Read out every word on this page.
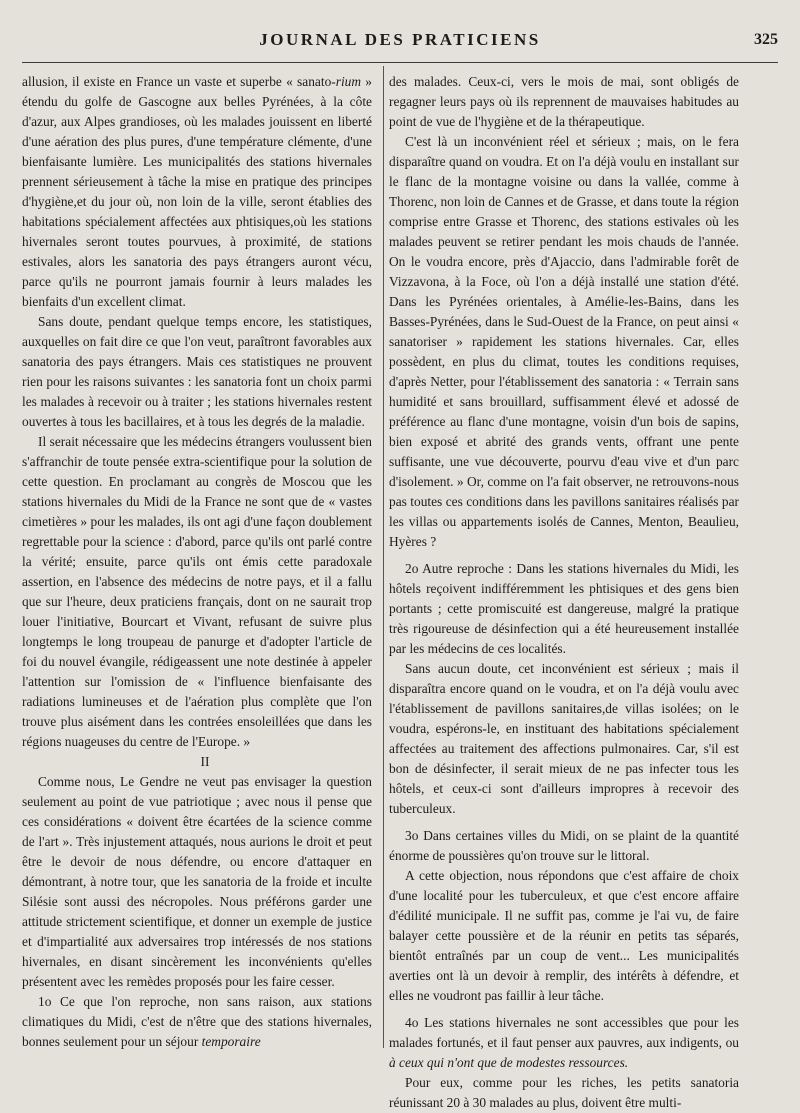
JOURNAL DES PRATICIENS	325

allusion, il existe en France un vaste et superbe « sanato-rium » étendu du golfe de Gascogne aux belles Pyrénées, à la côte d'azur, aux Alpes grandioses, où les malades jouissent en liberté d'une aération des plus pures, d'une température clémente, d'une bienfaisante lumière. Les municipalités des stations hivernales prennent sérieusement à tâche la mise en pratique des principes d'hygiène,et du jour où, non loin de la ville, seront établies des habitations spécialement affectées aux phtisiques,où les stations hivernales seront toutes pourvues, à proximité, de stations estivales, alors les sanatoria des pays étrangers auront vécu, parce qu'ils ne pourront jamais fournir à leurs malades les bienfaits d'un excellent climat.

Sans doute, pendant quelque temps encore, les statistiques, auxquelles on fait dire ce que l'on veut, paraîtront favorables aux sanatoria des pays étrangers. Mais ces statistiques ne prouvent rien pour les raisons suivantes : les sanatoria font un choix parmi les malades à recevoir ou à traiter ; les stations hivernales restent ouvertes à tous les bacillaires, et à tous les degrés de la maladie.

Il serait nécessaire que les médecins étrangers voulussent bien s'affranchir de toute pensée extra-scientifique pour la solution de cette question. En proclamant au congrès de Moscou que les stations hivernales du Midi de la France ne sont que de « vastes cimetières » pour les malades, ils ont agi d'une façon doublement regrettable pour la science : d'abord, parce qu'ils ont parlé contre la vérité; ensuite, parce qu'ils ont émis cette paradoxale assertion, en l'absence des médecins de notre pays, et il a fallu que sur l'heure, deux praticiens français, dont on ne saurait trop louer l'initiative, Bourcart et Vivant, refusant de suivre plus longtemps le long troupeau de panurge et d'adopter l'article de foi du nouvel évangile, rédigeassent une note destinée à appeler l'attention sur l'omission de « l'influence bienfaisante des radiations lumineuses et de l'aération plus complète que l'on trouve plus aisément dans les contrées ensoleillées que dans les régions nuageuses du centre de l'Europe. »

II

Comme nous, Le Gendre ne veut pas envisager la question seulement au point de vue patriotique ; avec nous il pense que ces considérations « doivent être écartées de la science comme de l'art ». Très injustement attaqués, nous aurions le droit et peut être le devoir de nous défendre, ou encore d'attaquer en démontrant, à notre tour, que les sanatoria de la froide et inculte Silésie sont aussi des nécropoles. Nous préférons garder une attitude strictement scientifique, et donner un exemple de justice et d'impartialité aux adversaires trop intéressés de nos stations hivernales, en disant sincèrement les inconvénients qu'elles présentent avec les remèdes proposés pour les faire cesser.

1o Ce que l'on reproche, non sans raison, aux stations climatiques du Midi, c'est de n'être que des stations hivernales, bonnes seulement pour un séjour temporaire

des malades. Ceux-ci, vers le mois de mai, sont obligés de regagner leurs pays où ils reprennent de mauvaises habitudes au point de vue de l'hygiène et de la thérapeutique.

C'est là un inconvénient réel et sérieux ; mais, on le fera disparaître quand on voudra. Et on l'a déjà voulu en installant sur le flanc de la montagne voisine ou dans la vallée, comme à Thorenc, non loin de Cannes et de Grasse, et dans toute la région comprise entre Grasse et Thorenc, des stations estivales où les malades peuvent se retirer pendant les mois chauds de l'année. On le voudra encore, près d'Ajaccio, dans l'admirable forêt de Vizzavona, à la Foce, où l'on a déjà installé une station d'été. Dans les Pyrénées orientales, à Amélie-les-Bains, dans les Basses-Pyrénées, dans le Sud-Ouest de la France, on peut ainsi « sanatoriser » rapidement les stations hivernales. Car, elles possèdent, en plus du climat, toutes les conditions requises, d'après Netter, pour l'établissement des sanatoria : « Terrain sans humidité et sans brouillard, suffisamment élevé et adossé de préférence au flanc d'une montagne, voisin d'un bois de sapins, bien exposé et abrité des grands vents, offrant une pente suffisante, une vue découverte, pourvu d'eau vive et d'un parc d'isolement. » Or, comme on l'a fait observer, ne retrouvons-nous pas toutes ces conditions dans les pavillons sanitaires réalisés par les villas ou appartements isolés de Cannes, Menton, Beaulieu, Hyères ?

2o Autre reproche : Dans les stations hivernales du Midi, les hôtels reçoivent indifféremment les phtisiques et des gens bien portants ; cette promiscuité est dangereuse, malgré la pratique très rigoureuse de désinfection qui a été heureusement installée par les médecins de ces localités.

Sans aucun doute, cet inconvénient est sérieux ; mais il disparaîtra encore quand on le voudra, et on l'a déjà voulu avec l'établissement de pavillons sanitaires,de villas isolées; on le voudra, espérons-le, en instituant des habitations spécialement affectées au traitement des affections pulmonaires. Car, s'il est bon de désinfecter, il serait mieux de ne pas infecter tous les hôtels, et ceux-ci sont d'ailleurs impropres à recevoir des tuberculeux.

3o Dans certaines villes du Midi, on se plaint de la quantité énorme de poussières qu'on trouve sur le littoral.

A cette objection, nous répondons que c'est affaire de choix d'une localité pour les tuberculeux, et que c'est encore affaire d'édilité municipale. Il ne suffit pas, comme je l'ai vu, de faire balayer cette poussière et de la réunir en petits tas séparés, bientôt entraînés par un coup de vent... Les municipalités averties ont là un devoir à remplir, des intérêts à défendre, et elles ne voudront pas faillir à leur tâche.

4o Les stations hivernales ne sont accessibles que pour les malades fortunés, et il faut penser aux pauvres, aux indigents, ou à ceux qui n'ont que de modestes ressources.

Pour eux, comme pour les riches, les petits sanatoria réunissant 20 à 30 malades au plus, doivent être multi-
